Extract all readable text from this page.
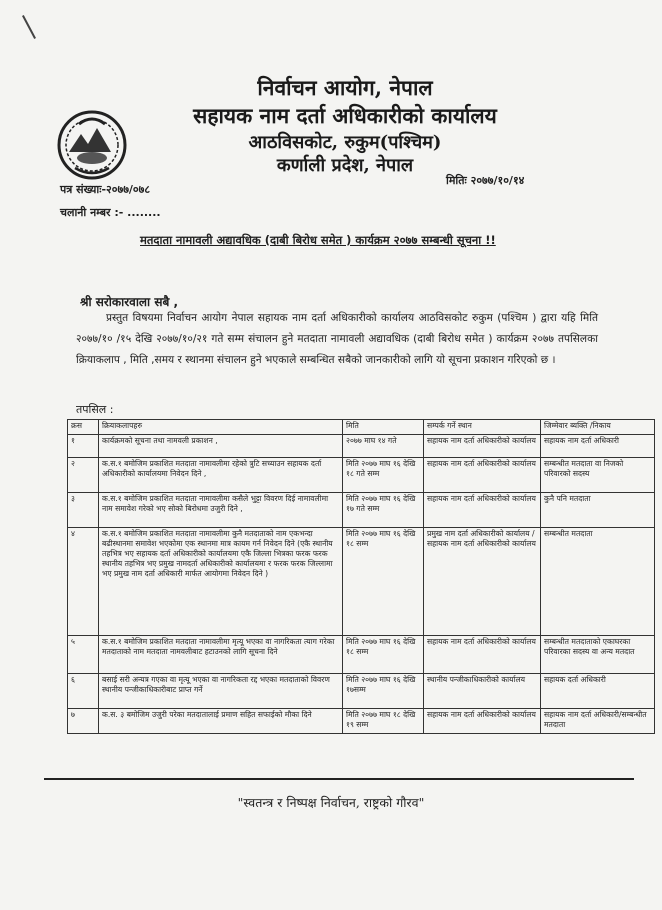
निर्वाचन आयोग, नेपाल
सहायक नाम दर्ता अधिकारीको कार्यालय
आठविसकोट, रुकुम(पश्चिम)
कर्णाली प्रदेश, नेपाल
पत्र संख्याः-२०७७/०७८
चलानी नम्बर :- ........
मितिः २०७७/१०/१४
मतदाता नामावली अद्यावधिक (दाबी बिरोध समेत ) कार्यक्रम २०७७ सम्बन्धी सूचना !!
श्री सरोकारवाला सबै ,
प्रस्तुत विषयमा निर्वाचन आयोग नेपाल सहायक नाम दर्ता अधिकारीको कार्यालय आठविसकोट रुकुम (पश्चिम ) द्वारा यहि मिति २०७७/१० /१५ देखि २०७७/१०/२१ गते सम्म संचालन हुने मतदाता नामावली अद्यावधिक (दाबी बिरोध समेत ) कार्यक्रम २०७७ तपसिलका क्रियाकलाप , मिति ,समय र स्थानमा संचालन हुने भएकाले सम्बन्धित सबैको जानकारीको लागि यो सूचना प्रकाशन गरिएको छ ।
तपसिल :
क्रस	क्रियाकलापहरु	मिति	सम्पर्क गर्ने स्थान	जिम्मेवार ब्यक्ति /निकाय
१	कार्यक्रमको सूचना तथा नामवली प्रकाशन ,	२०७७ माघ १४ गते	सहायक नाम दर्ता अधिकारीको कार्यालय	सहायक नाम दर्ता अधिकारी
२	क.स.१ बमोजिम प्रकाशित मतदाता नामावलीमा रहेको त्रुटि सच्याउन सहायक दर्ता अधिकारीको कार्यालयमा निवेदन दिने ,	मिति २०७७ माघ १६ देखि १८ गते सम्म	सहायक नाम दर्ता अधिकारीको कार्यालय	सम्बन्धीत मतदाता वा निजको परिवारको सदस्य
३	क.स.१ बमोजिम प्रकाशित मतदाता नामावलीमा कसैले भुट्टा विवरण दिई नामावलीमा नाम समावेश गरेको भए सोको बिरोधमा उजुरी दिने ,	मिति २०७७ माघ १६ देखि १७ गते सम्म	सहायक नाम दर्ता अधिकारीको कार्यालय	कुनै पनि मतदाता
४	क.स.१ बमोजिम प्रकाशित मतदाता नामावलीमा कुनै मतदाताको नाम एकभन्दा बढीस्थानमा समावेश भएकोमा एक स्थानमा मात्र कायम गर्न निवेदन दिने (एकै स्थानीय तहभित्र भए सहायक दर्ता अधिकारीको कार्यालयमा एकै जिल्ला भित्रका फरक फरक स्थानीय तहभित्र भए प्रमुख नामदर्ता अधिकारीको कार्यालयमा र फरक फरक जिल्लामा भए प्रमुख नाम दर्ता अधिकारी मार्फत आयोगमा निवेदन दिने )	मिति २०७७ माघ १६ देखि १८ सम्म	प्रमुख नाम दर्ता अधिकारीको कार्यालय /सहायक नाम दर्ता अधिकारीको कार्यालय	सम्बन्धीत मतदाता
५	क.स.१ बमोजिम प्रकाशित मतदाता नामावलीमा मृत्यू भएका वा नागरिकता त्याग गरेका मतदाताको नाम मतदाता नामवलीबाट हटाउनको लागि सूचना दिने	मिति २०७७ माघ १६ देखि १८ सम्म	सहायक नाम दर्ता अधिकारीको कार्यालय	सम्बन्धीत मतदाताको एकाघरका परिवारका सदस्य वा अन्य मतदात
६	बसाई सरी अन्यत्र गएका वा मृत्यू भएका वा नागरिकता रद्द भएका मतदाताको विवरण स्थानीय पन्जीकाधिकारीबाट प्राप्त गर्ने	मिति २०७७ माघ १६ देखि १७सम्म	स्थानीय पन्जीकाधिकारीको कार्यालय	सहायक दर्ता अधिकारी
७	क.स. ३ बमोजिम उजुरी परेका मतदातालाई प्रमाण सहित सफाईको मौका दिने	मिति २०७७ माघ १८ देखि १९ सम्म	सहायक नाम दर्ता अधिकारीको कार्यालय	सहायक नाम दर्ता अधिकारी/सम्बन्धीत मतदाता
"स्वतन्त्र र निष्पक्ष निर्वाचन, राष्ट्रको गौरव"
